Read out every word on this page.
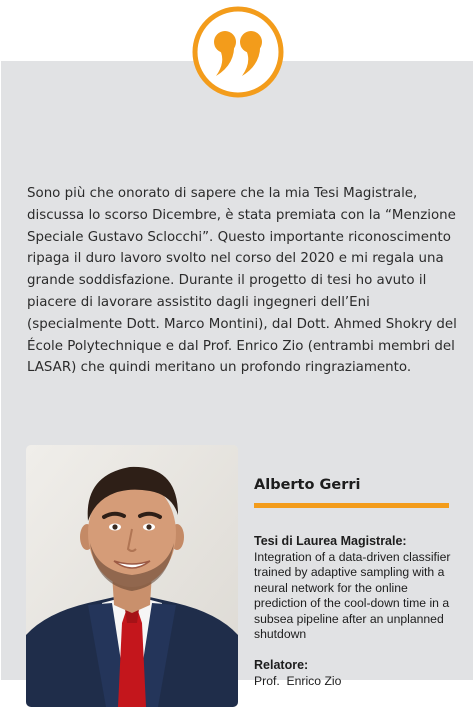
Sono più che onorato di sapere che la mia Tesi Magistrale, discussa lo scorso Dicembre, è stata premiata con la “Menzione Speciale Gustavo Sclocchi”. Questo importante riconoscimento ripaga il duro lavoro svolto nel corso del 2020 e mi regala una grande soddisfazione. Durante il progetto di tesi ho avuto il piacere di lavorare assistito dagli ingegneri dell’Eni (specialmente Dott. Marco Montini), dal Dott. Ahmed Shokry del École Polytechnique e dal Prof. Enrico Zio (entrambi membri del LASAR) che quindi meritano un profondo ringraziamento.

Alberto Gerri
Tesi di Laurea Magistrale:

Integration of a data-driven classifier trained by adaptive sampling with a neural network for the online prediction of the cool-down time in a subsea pipeline after an unplanned shutdown

Relatore:
Prof.  Enrico Zio
